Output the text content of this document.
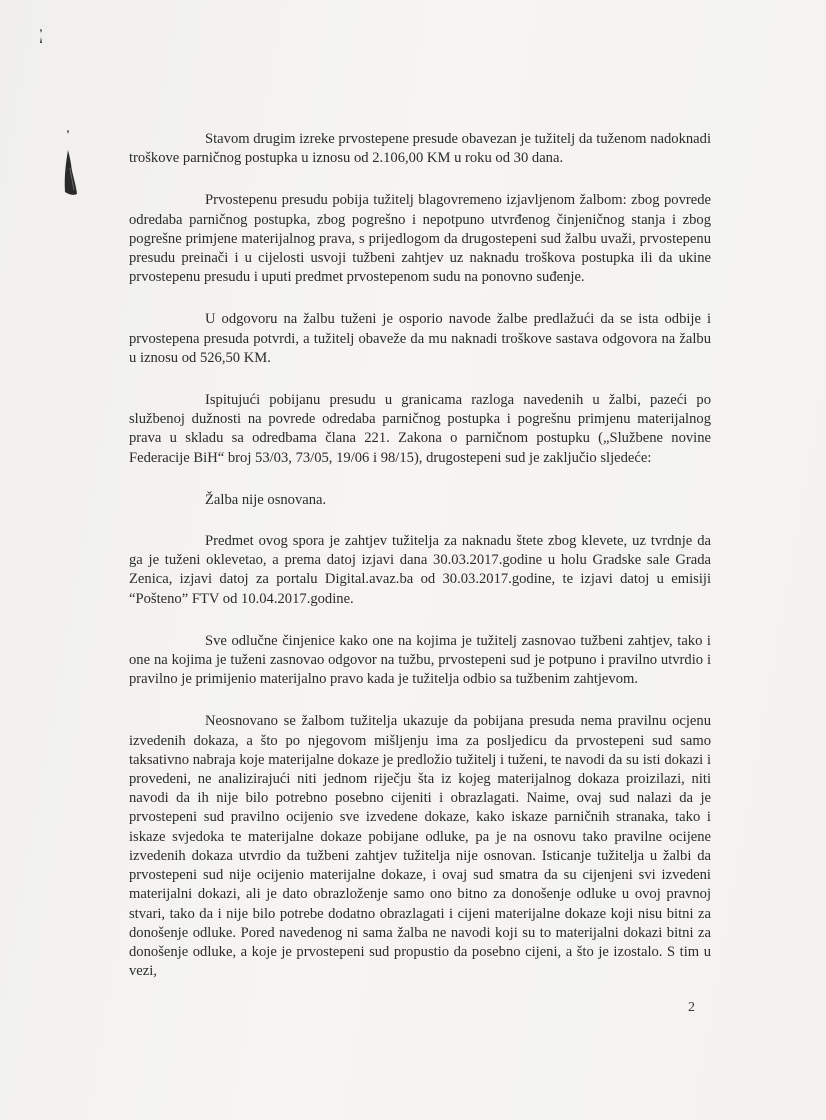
Stavom drugim izreke prvostepene presude obavezan je tužitelj da tuženom nadoknadi troškove parničnog postupka u iznosu od 2.106,00 KM u roku od 30 dana.

Prvostepenu presudu pobija tužitelj blagovremeno izjavljenom žalbom: zbog povrede odredaba parničnog postupka, zbog pogrešno i nepotpuno utvrđenog činjeničnog stanja i zbog pogrešne primjene materijalnog prava, s prijedlogom da drugostepeni sud žalbu uvaži, prvostepenu presudu preinači i u cijelosti usvoji tužbeni zahtjev uz naknadu troškova postupka ili da ukine prvostepenu presudu i uputi predmet prvostepenom sudu na ponovno suđenje.

U odgovoru na žalbu tuženi je osporio navode žalbe predlažući da se ista odbije i prvostepena presuda potvrdi, a tužitelj obaveže da mu naknadi troškove sastava odgovora na žalbu u iznosu od 526,50 KM.

Ispitujući pobijanu presudu u granicama razloga navedenih u žalbi, pazeći po službenoj dužnosti na povrede odredaba parničnog postupka i pogrešnu primjenu materijalnog prava u skladu sa odredbama člana 221. Zakona o parničnom postupku („Službene novine Federacije BiH“ broj 53/03, 73/05, 19/06 i 98/15), drugostepeni sud je zaključio sljedeće:

Žalba nije osnovana.

Predmet ovog spora je zahtjev tužitelja za naknadu štete zbog klevete, uz tvrdnje da ga je tuženi oklevetao, a prema datoj izjavi dana 30.03.2017.godine u holu Gradske sale Grada Zenica, izjavi datoj za portalu Digital.avaz.ba od 30.03.2017.godine, te izjavi datoj u emisiji “Pošteno” FTV od 10.04.2017.godine.

Sve odlučne činjenice kako one na kojima je tužitelj zasnovao tužbeni zahtjev, tako i one na kojima je tuženi zasnovao odgovor na tužbu, prvostepeni sud je potpuno i pravilno utvrdio i pravilno je primijenio materijalno pravo kada je tužitelja odbio sa tužbenim zahtjevom.

Neosnovano se žalbom tužitelja ukazuje da pobijana presuda nema pravilnu ocjenu izvedenih dokaza, a što po njegovom mišljenju ima za posljedicu da prvostepeni sud samo taksativno nabraja koje materijalne dokaze je predložio tužitelj i tuženi, te navodi da su isti dokazi i provedeni, ne analizirajući niti jednom riječju šta iz kojeg materijalnog dokaza proizilazi, niti navodi da ih nije bilo potrebno posebno cijeniti i obrazlagati. Naime, ovaj sud nalazi da je prvostepeni sud pravilno ocijenio sve izvedene dokaze, kako iskaze parničnih stranaka, tako i iskaze svjedoka te materijalne dokaze pobijane odluke, pa je na osnovu tako pravilne ocijene izvedenih dokaza utvrdio da tužbeni zahtjev tužitelja nije osnovan. Isticanje tužitelja u žalbi da prvostepeni sud nije ocijenio materijalne dokaze, i ovaj sud smatra da su cijenjeni svi izvedeni materijalni dokazi, ali je dato obrazloženje samo ono bitno za donošenje odluke u ovoj pravnoj stvari, tako da i nije bilo potrebe dodatno obrazlagati i cijeni materijalne dokaze koji nisu bitni za donošenje odluke. Pored navedenog ni sama žalba ne navodi koji su to materijalni dokazi bitni za donošenje odluke, a koje je prvostepeni sud propustio da posebno cijeni, a što je izostalo. S tim u vezi,

2
